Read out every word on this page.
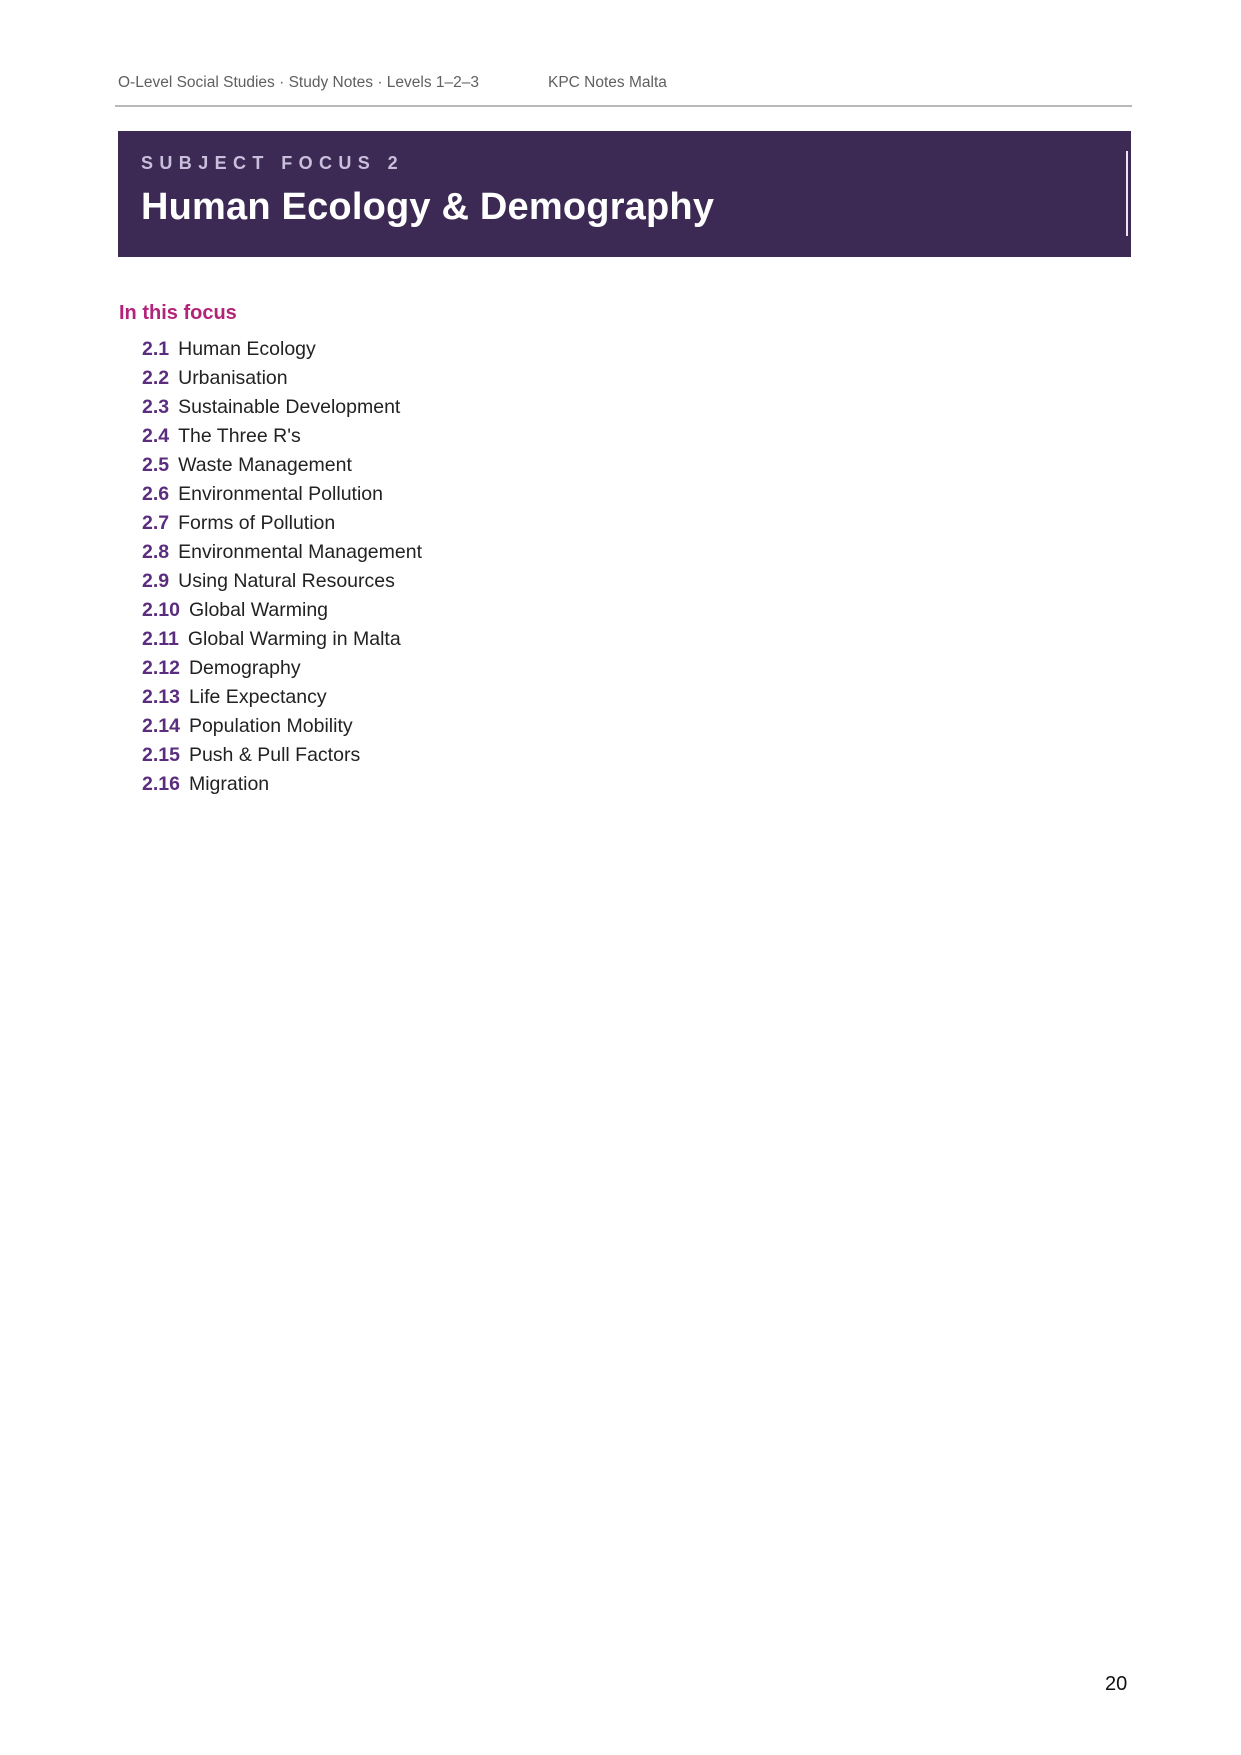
O-Level Social Studies · Study Notes · Levels 1–2–3	KPC Notes Malta
SUBJECT FOCUS 2
Human Ecology & Demography
In this focus
2.1 Human Ecology
2.2 Urbanisation
2.3 Sustainable Development
2.4 The Three R's
2.5 Waste Management
2.6 Environmental Pollution
2.7 Forms of Pollution
2.8 Environmental Management
2.9 Using Natural Resources
2.10 Global Warming
2.11 Global Warming in Malta
2.12 Demography
2.13 Life Expectancy
2.14 Population Mobility
2.15 Push & Pull Factors
2.16 Migration
20
